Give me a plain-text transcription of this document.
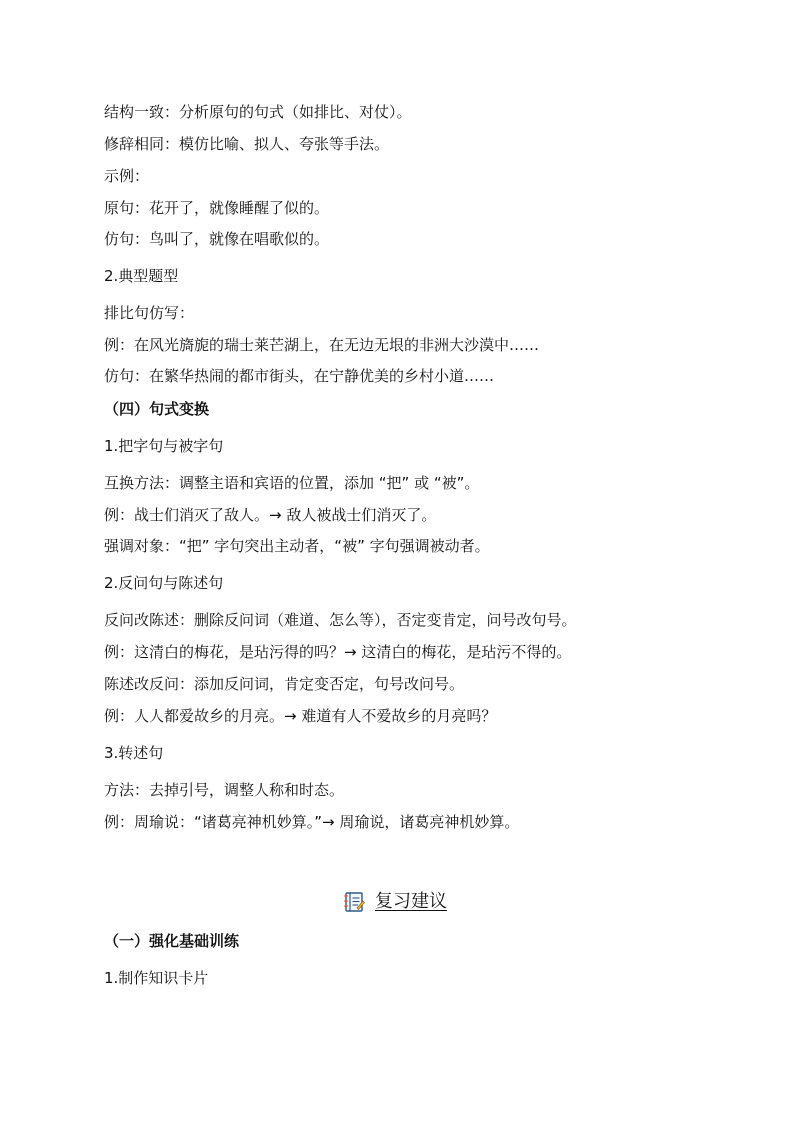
结构一致：分析原句的句式（如排比、对仗）。
修辞相同：模仿比喻、拟人、夸张等手法。
示例：
原句：花开了，就像睡醒了似的。
仿句：鸟叫了，就像在唱歌似的。
2.典型题型
排比句仿写：
例：在风光旖旎的瑞士莱芒湖上，在无边无垠的非洲大沙漠中……
仿句：在繁华热闹的都市街头，在宁静优美的乡村小道……
（四）句式变换
1.把字句与被字句
互换方法：调整主语和宾语的位置，添加 “把” 或 “被”。
例：战士们消灭了敌人。→ 敌人被战士们消灭了。
强调对象：“把” 字句突出主动者，“被” 字句强调被动者。
2.反问句与陈述句
反问改陈述：删除反问词（难道、怎么等），否定变肯定，问号改句号。
例：这清白的梅花，是玷污得的吗？→ 这清白的梅花，是玷污不得的。
陈述改反问：添加反问词，肯定变否定，句号改问号。
例：人人都爱故乡的月亮。→ 难道有人不爱故乡的月亮吗？
3.转述句
方法：去掉引号，调整人称和时态。
例：周瑜说：“诸葛亮神机妙算。”→ 周瑜说，诸葛亮神机妙算。
复习建议
（一）强化基础训练
1.制作知识卡片
